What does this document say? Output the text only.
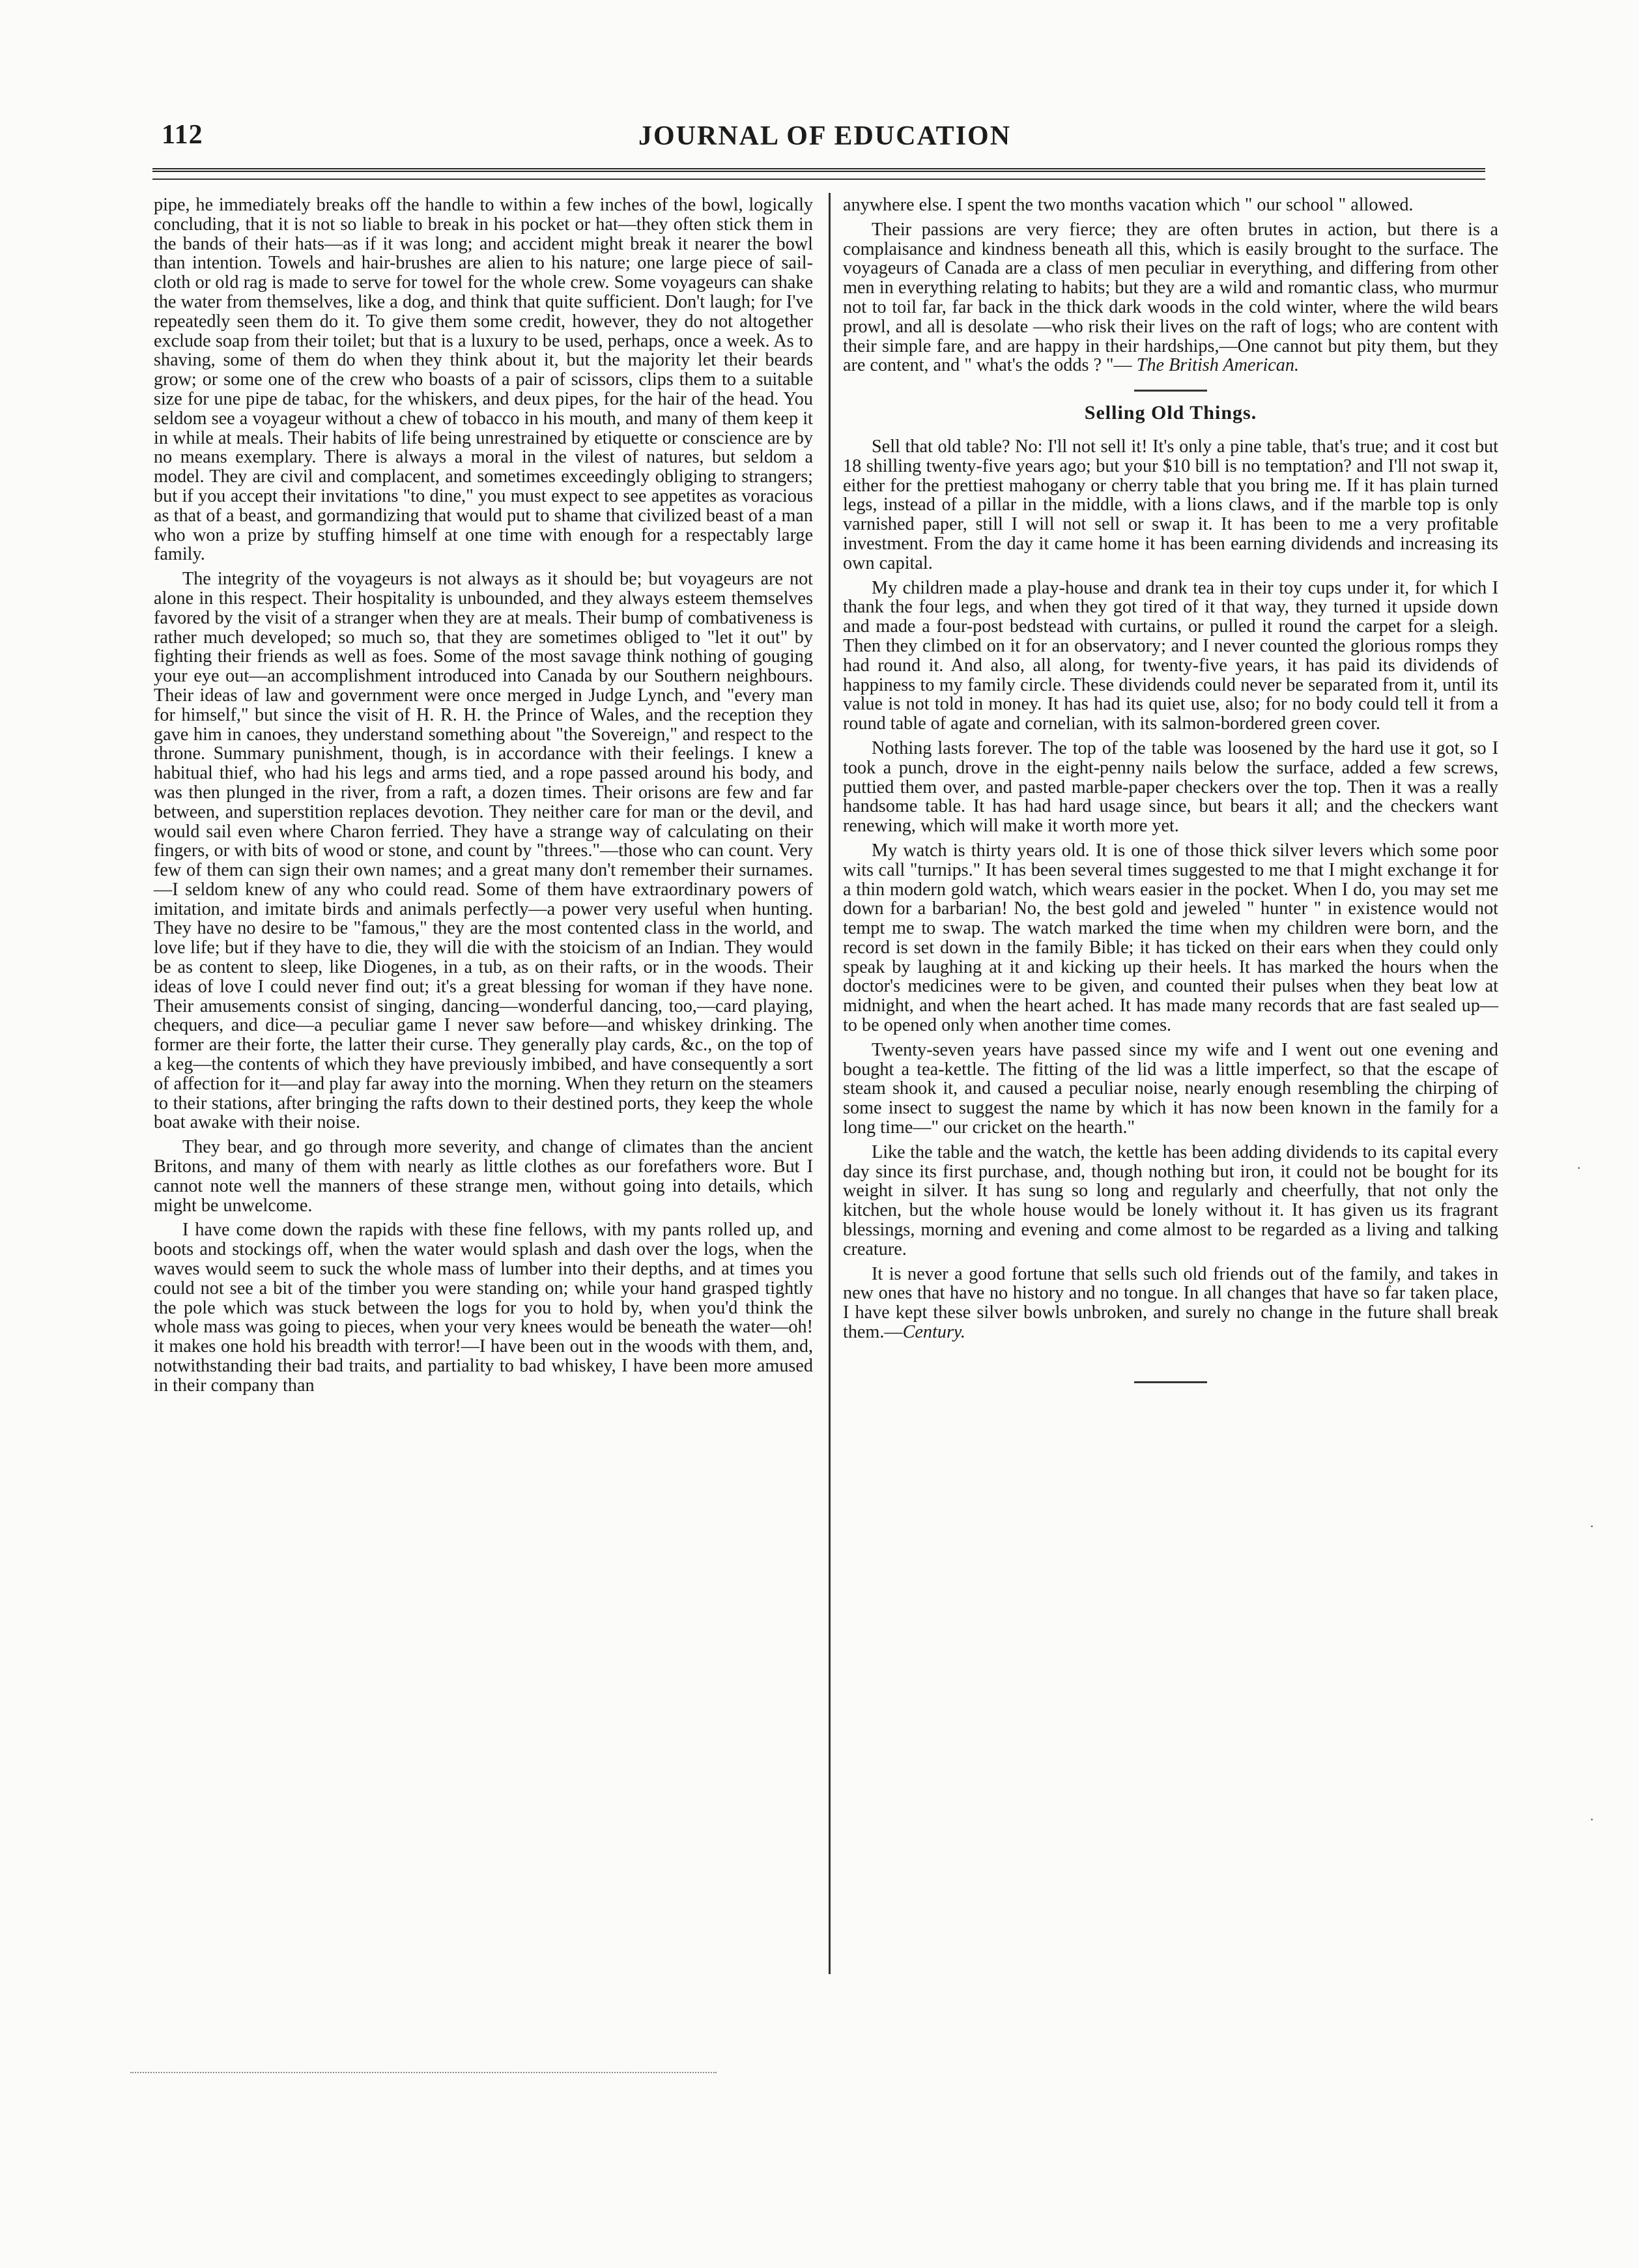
112	JOURNAL OF EDUCATION

pipe, he immediately breaks off the handle to within a few inches of the bowl, logically concluding, that it is not so liable to break in his pocket or hat—they often stick them in the bands of their hats—as if it was long; and accident might break it nearer the bowl than intention. Towels and hair-brushes are alien to his nature; one large piece of sail-cloth or old rag is made to serve for towel for the whole crew. Some voyageurs can shake the water from themselves, like a dog, and think that quite sufficient. Don't laugh; for I've repeatedly seen them do it. To give them some credit, however, they do not altogether exclude soap from their toilet; but that is a luxury to be used, perhaps, once a week. As to shaving, some of them do when they think about it, but the majority let their beards grow; or some one of the crew who boasts of a pair of scissors, clips them to a suitable size for une pipe de tabac, for the whiskers, and deux pipes, for the hair of the head. You seldom see a voyageur without a chew of tobacco in his mouth, and many of them keep it in while at meals. Their habits of life being unrestrained by etiquette or conscience are by no means exemplary. There is always a moral in the vilest of natures, but seldom a model. They are civil and complacent, and sometimes exceedingly obliging to strangers; but if you accept their invitations "to dine," you must expect to see appetites as voracious as that of a beast, and gormandizing that would put to shame that civilized beast of a man who won a prize by stuffing himself at one time with enough for a respectably large family.

The integrity of the voyageurs is not always as it should be; but voyageurs are not alone in this respect. Their hospitality is unbounded, and they always esteem themselves favored by the visit of a stranger when they are at meals. Their bump of combativeness is rather much developed; so much so, that they are sometimes obliged to "let it out" by fighting their friends as well as foes. Some of the most savage think nothing of gouging your eye out—an accomplishment introduced into Canada by our Southern neighbours. Their ideas of law and government were once merged in Judge Lynch, and "every man for himself," but since the visit of H. R. H. the Prince of Wales, and the reception they gave him in canoes, they understand something about "the Sovereign," and respect to the throne. Summary punishment, though, is in accordance with their feelings. I knew a habitual thief, who had his legs and arms tied, and a rope passed around his body, and was then plunged in the river, from a raft, a dozen times. Their orisons are few and far between, and superstition replaces devotion. They neither care for man or the devil, and would sail even where Charon ferried. They have a strange way of calculating on their fingers, or with bits of wood or stone, and count by "threes."—those who can count. Very few of them can sign their own names; and a great many don't remember their surnames.—I seldom knew of any who could read. Some of them have extraordinary powers of imitation, and imitate birds and animals perfectly—a power very useful when hunting. They have no desire to be "famous," they are the most contented class in the world, and love life; but if they have to die, they will die with the stoicism of an Indian. They would be as content to sleep, like Diogenes, in a tub, as on their rafts, or in the woods. Their ideas of love I could never find out; it's a great blessing for woman if they have none. Their amusements consist of singing, dancing—wonderful dancing, too,—card playing, chequers, and dice—a peculiar game I never saw before—and whiskey drinking. The former are their forte, the latter their curse. They generally play cards, &c., on the top of a keg—the contents of which they have previously imbibed, and have consequently a sort of affection for it—and play far away into the morning. When they return on the steamers to their stations, after bringing the rafts down to their destined ports, they keep the whole boat awake with their noise.

They bear, and go through more severity, and change of climates than the ancient Britons, and many of them with nearly as little clothes as our forefathers wore. But I cannot note well the manners of these strange men, without going into details, which might be unwelcome.

I have come down the rapids with these fine fellows, with my pants rolled up, and boots and stockings off, when the water would splash and dash over the logs, when the waves would seem to suck the whole mass of lumber into their depths, and at times you could not see a bit of the timber you were standing on; while your hand grasped tightly the pole which was stuck between the logs for you to hold by, when you'd think the whole mass was going to pieces, when your very knees would be beneath the water—oh! it makes one hold his breadth with terror!—I have been out in the woods with them, and, notwithstanding their bad traits, and partiality to bad whiskey, I have been more amused in their company than

anywhere else. I spent the two months vacation which " our school " allowed.

Their passions are very fierce; they are often brutes in action, but there is a complaisance and kindness beneath all this, which is easily brought to the surface. The voyageurs of Canada are a class of men peculiar in everything, and differing from other men in everything relating to habits; but they are a wild and romantic class, who murmur not to toil far, far back in the thick dark woods in the cold winter, where the wild bears prowl, and all is desolate —who risk their lives on the raft of logs; who are content with their simple fare, and are happy in their hardships,—One cannot but pity them, but they are content, and " what's the odds ? "— The British American.

Selling Old Things.

Sell that old table? No: I'll not sell it! It's only a pine table, that's true; and it cost but 18 shilling twenty-five years ago; but your $10 bill is no temptation? and I'll not swap it, either for the prettiest mahogany or cherry table that you bring me. If it has plain turned legs, instead of a pillar in the middle, with a lions claws, and if the marble top is only varnished paper, still I will not sell or swap it. It has been to me a very profitable investment. From the day it came home it has been earning dividends and increasing its own capital.

My children made a play-house and drank tea in their toy cups under it, for which I thank the four legs, and when they got tired of it that way, they turned it upside down and made a four-post bedstead with curtains, or pulled it round the carpet for a sleigh. Then they climbed on it for an observatory; and I never counted the glorious romps they had round it. And also, all along, for twenty-five years, it has paid its dividends of happiness to my family circle. These dividends could never be separated from it, until its value is not told in money. It has had its quiet use, also; for no body could tell it from a round table of agate and cornelian, with its salmon-bordered green cover.

Nothing lasts forever. The top of the table was loosened by the hard use it got, so I took a punch, drove in the eight-penny nails below the surface, added a few screws, puttied them over, and pasted marble-paper checkers over the top. Then it was a really handsome table. It has had hard usage since, but bears it all; and the checkers want renewing, which will make it worth more yet.

My watch is thirty years old. It is one of those thick silver levers which some poor wits call "turnips." It has been several times suggested to me that I might exchange it for a thin modern gold watch, which wears easier in the pocket. When I do, you may set me down for a barbarian! No, the best gold and jeweled " hunter " in existence would not tempt me to swap. The watch marked the time when my children were born, and the record is set down in the family Bible; it has ticked on their ears when they could only speak by laughing at it and kicking up their heels. It has marked the hours when the doctor's medicines were to be given, and counted their pulses when they beat low at midnight, and when the heart ached. It has made many records that are fast sealed up—to be opened only when another time comes.

Twenty-seven years have passed since my wife and I went out one evening and bought a tea-kettle. The fitting of the lid was a little imperfect, so that the escape of steam shook it, and caused a peculiar noise, nearly enough resembling the chirping of some insect to suggest the name by which it has now been known in the family for a long time—" our cricket on the hearth."

Like the table and the watch, the kettle has been adding dividends to its capital every day since its first purchase, and, though nothing but iron, it could not be bought for its weight in silver. It has sung so long and regularly and cheerfully, that not only the kitchen, but the whole house would be lonely without it. It has given us its fragrant blessings, morning and evening and come almost to be regarded as a living and talking creature.

It is never a good fortune that sells such old friends out of the family, and takes in new ones that have no history and no tongue. In all changes that have so far taken place, I have kept these silver bowls unbroken, and surely no change in the future shall break them.—Century.

·
·
·
